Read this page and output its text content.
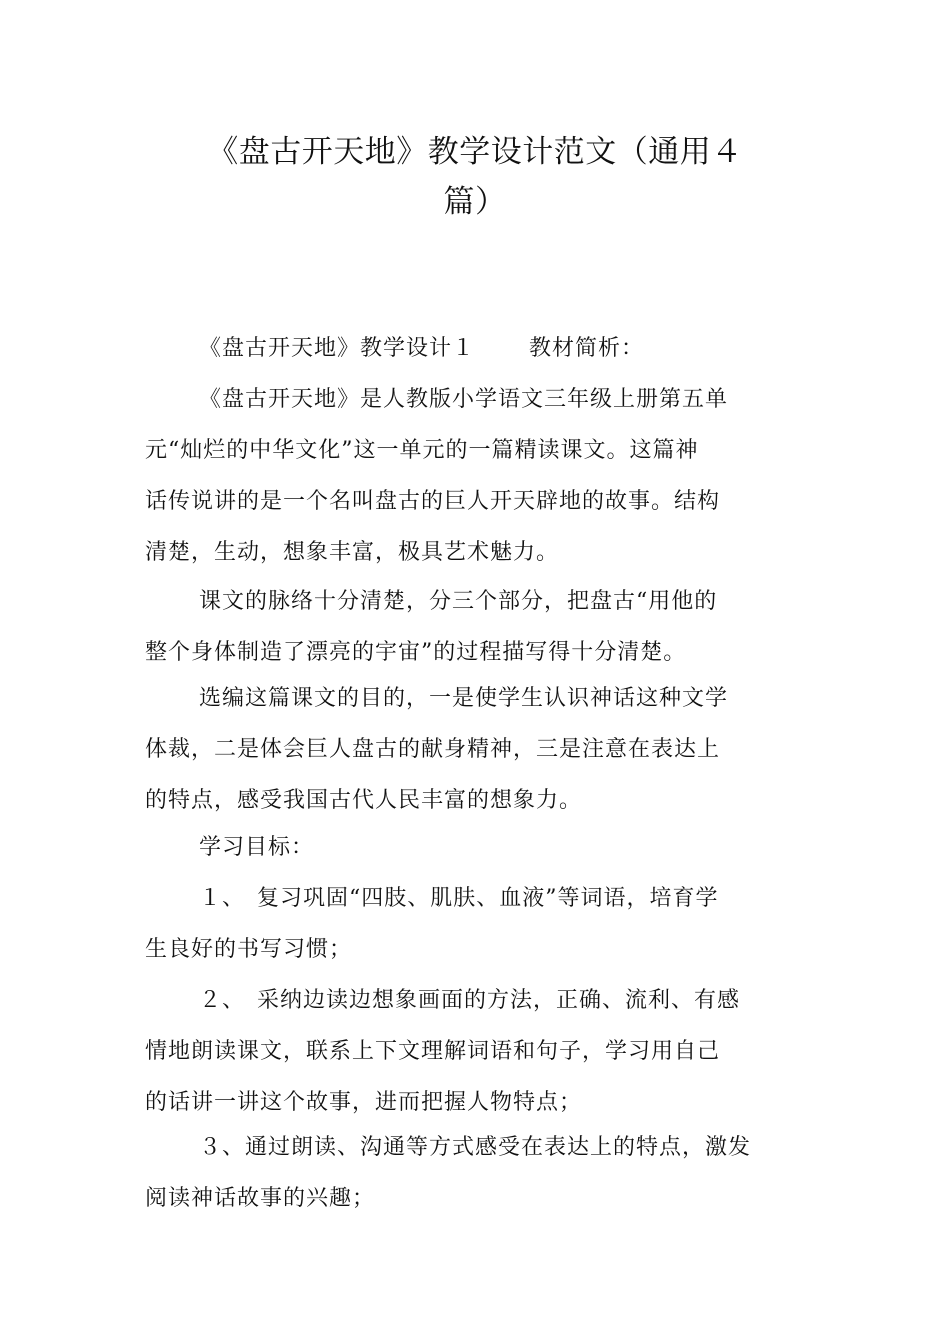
《盘古开天地》教学设计范文（通用４
篇）
《盘古开天地》教学设计１ 教材简析：
《盘古开天地》是人教版小学语文三年级上册第五单
元“灿烂的中华文化”这一单元的一篇精读课文。这篇神
话传说讲的是一个名叫盘古的巨人开天辟地的故事。结构
清楚，生动，想象丰富，极具艺术魅力。
课文的脉络十分清楚，分三个部分，把盘古“用他的
整个身体制造了漂亮的宇宙”的过程描写得十分清楚。
选编这篇课文的目的，一是使学生认识神话这种文学
体裁，二是体会巨人盘古的献身精神，三是注意在表达上
的特点，感受我国古代人民丰富的想象力。
学习目标：
１、　复习巩固“四肢、肌肤、血液”等词语，培育学
生良好的书写习惯；
２、　采纳边读边想象画面的方法，正确、流利、有感
情地朗读课文，联系上下文理解词语和句子，学习用自己
的话讲一讲这个故事，进而把握人物特点；
３、通过朗读、沟通等方式感受在表达上的特点，激发
阅读神话故事的兴趣；
